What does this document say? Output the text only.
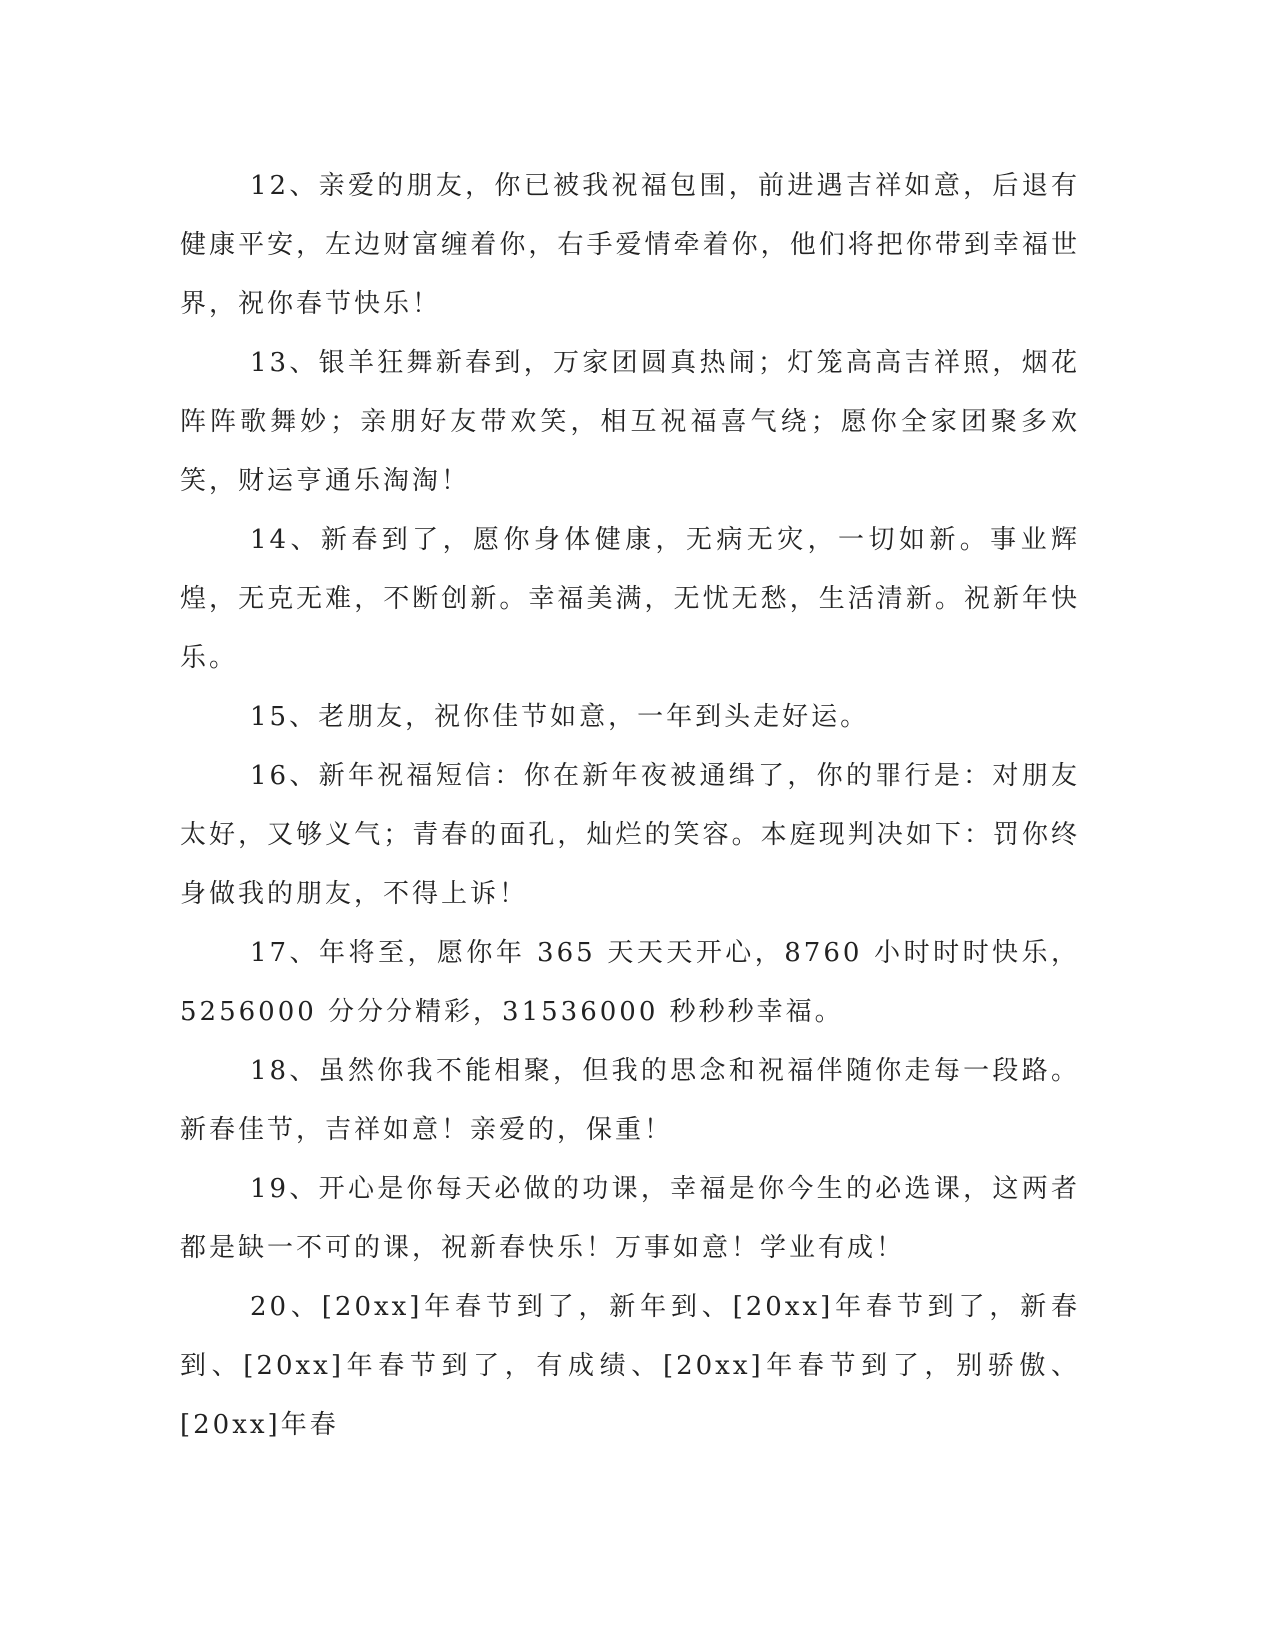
12、亲爱的朋友，你已被我祝福包围，前进遇吉祥如意，后退有健康平安，左边财富缠着你，右手爱情牵着你，他们将把你带到幸福世界，祝你春节快乐！

13、银羊狂舞新春到，万家团圆真热闹；灯笼高高吉祥照，烟花阵阵歌舞妙；亲朋好友带欢笑，相互祝福喜气绕；愿你全家团聚多欢笑，财运亨通乐淘淘！

14、新春到了，愿你身体健康，无病无灾，一切如新。事业辉煌，无克无难，不断创新。幸福美满，无忧无愁，生活清新。祝新年快乐。

15、老朋友，祝你佳节如意，一年到头走好运。

16、新年祝福短信：你在新年夜被通缉了，你的罪行是：对朋友太好，又够义气；青春的面孔，灿烂的笑容。本庭现判决如下：罚你终身做我的朋友，不得上诉！

17、年将至，愿你年 365 天天天开心，8760 小时时时快乐，5256000 分分分精彩，31536000 秒秒秒幸福。

18、虽然你我不能相聚，但我的思念和祝福伴随你走每一段路。新春佳节，吉祥如意！亲爱的，保重！

19、开心是你每天必做的功课，幸福是你今生的必选课，这两者都是缺一不可的课，祝新春快乐！万事如意！学业有成！

20、[20xx]年春节到了，新年到、[20xx]年春节到了，新春到、[20xx]年春节到了，有成绩、[20xx]年春节到了，别骄傲、[20xx]年春
